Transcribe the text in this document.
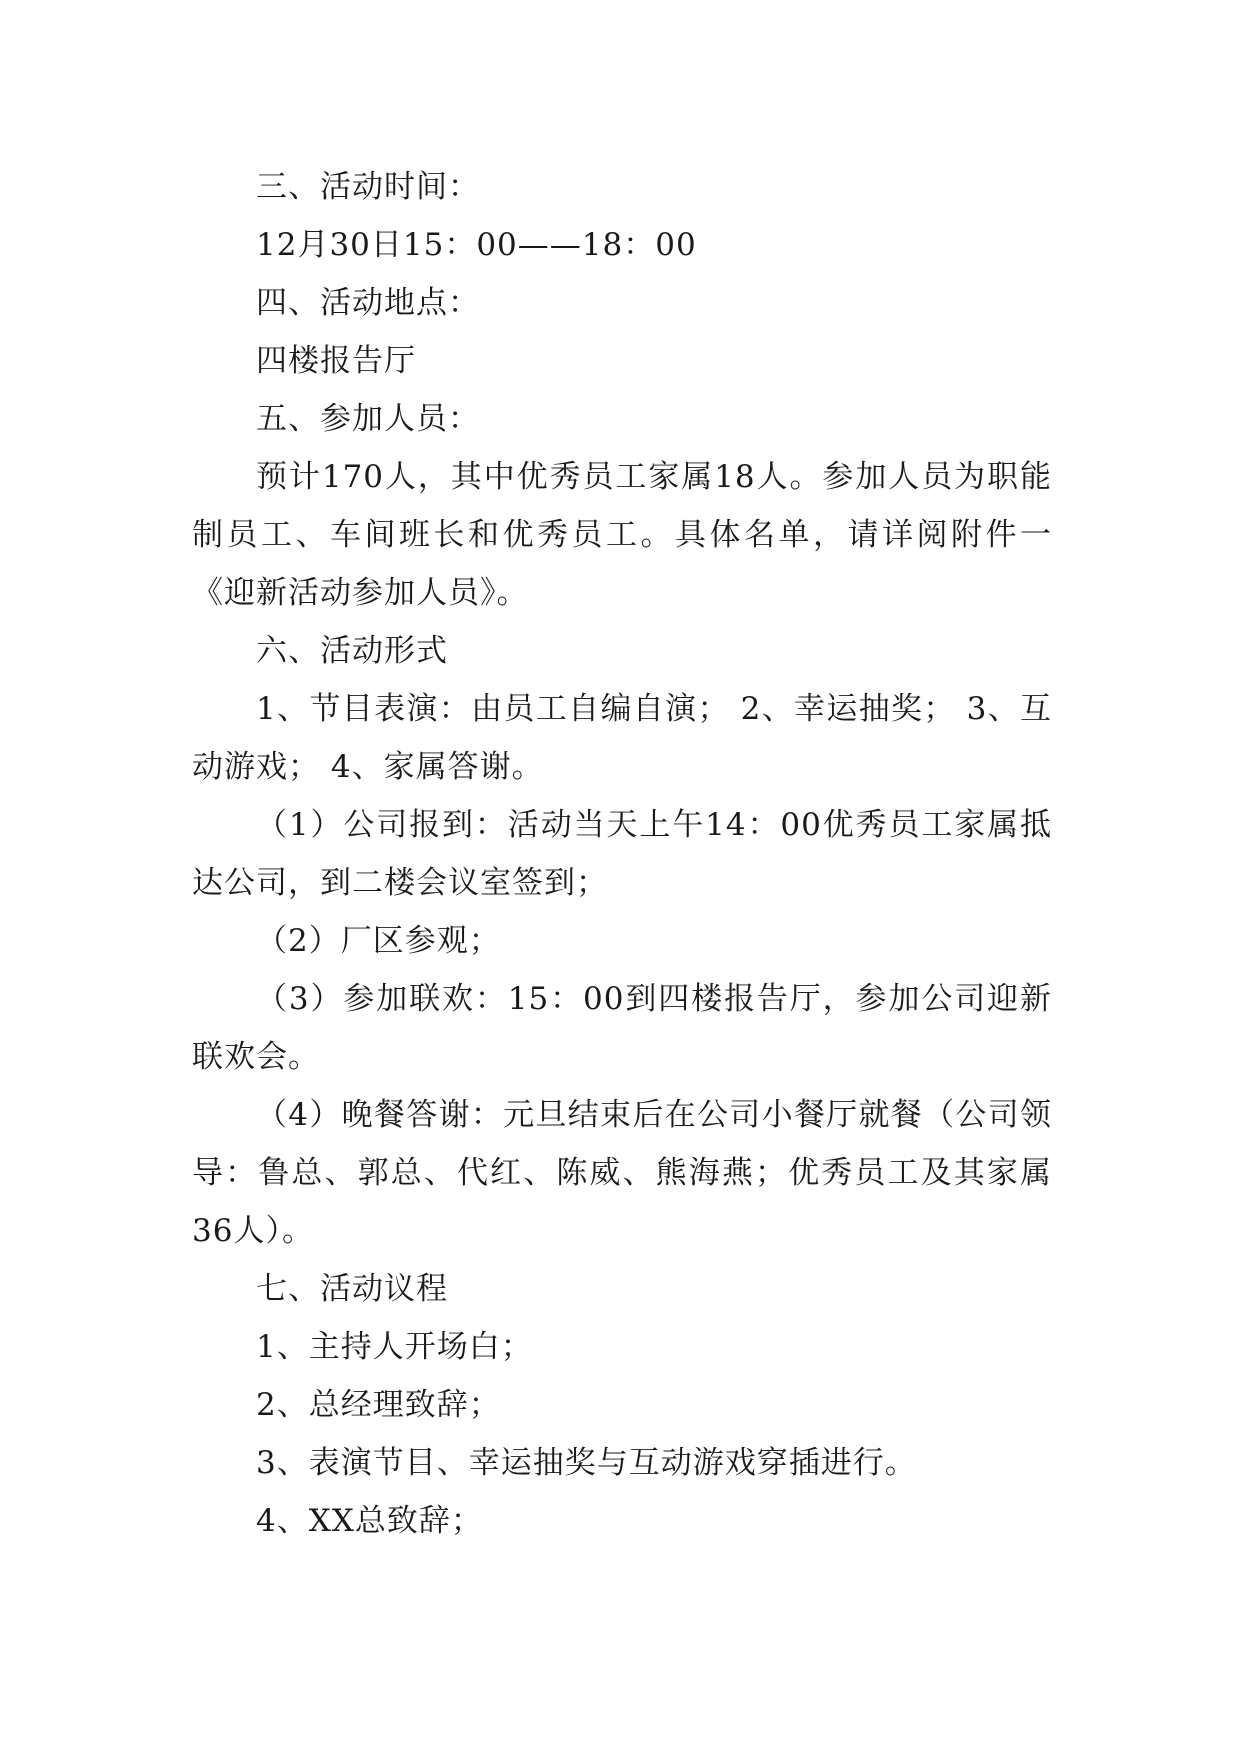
三、活动时间：

12月30日15：00——18：00

四、活动地点：

四楼报告厅

五、参加人员：

预计170人，其中优秀员工家属18人。参加人员为职能制员工、车间班长和优秀员工。具体名单，请详阅附件一《迎新活动参加人员》。

六、活动形式

1、节目表演：由员工自编自演； 2、幸运抽奖； 3、互动游戏； 4、家属答谢。

（1）公司报到：活动当天上午14：00优秀员工家属抵达公司，到二楼会议室签到；

（2）厂区参观；

（3）参加联欢：15：00到四楼报告厅，参加公司迎新联欢会。

（4）晚餐答谢：元旦结束后在公司小餐厅就餐（公司领导：鲁总、郭总、代红、陈威、熊海燕；优秀员工及其家属36人）。

七、活动议程

1、主持人开场白；

2、总经理致辞；

3、表演节目、幸运抽奖与互动游戏穿插进行。

4、XX总致辞；
